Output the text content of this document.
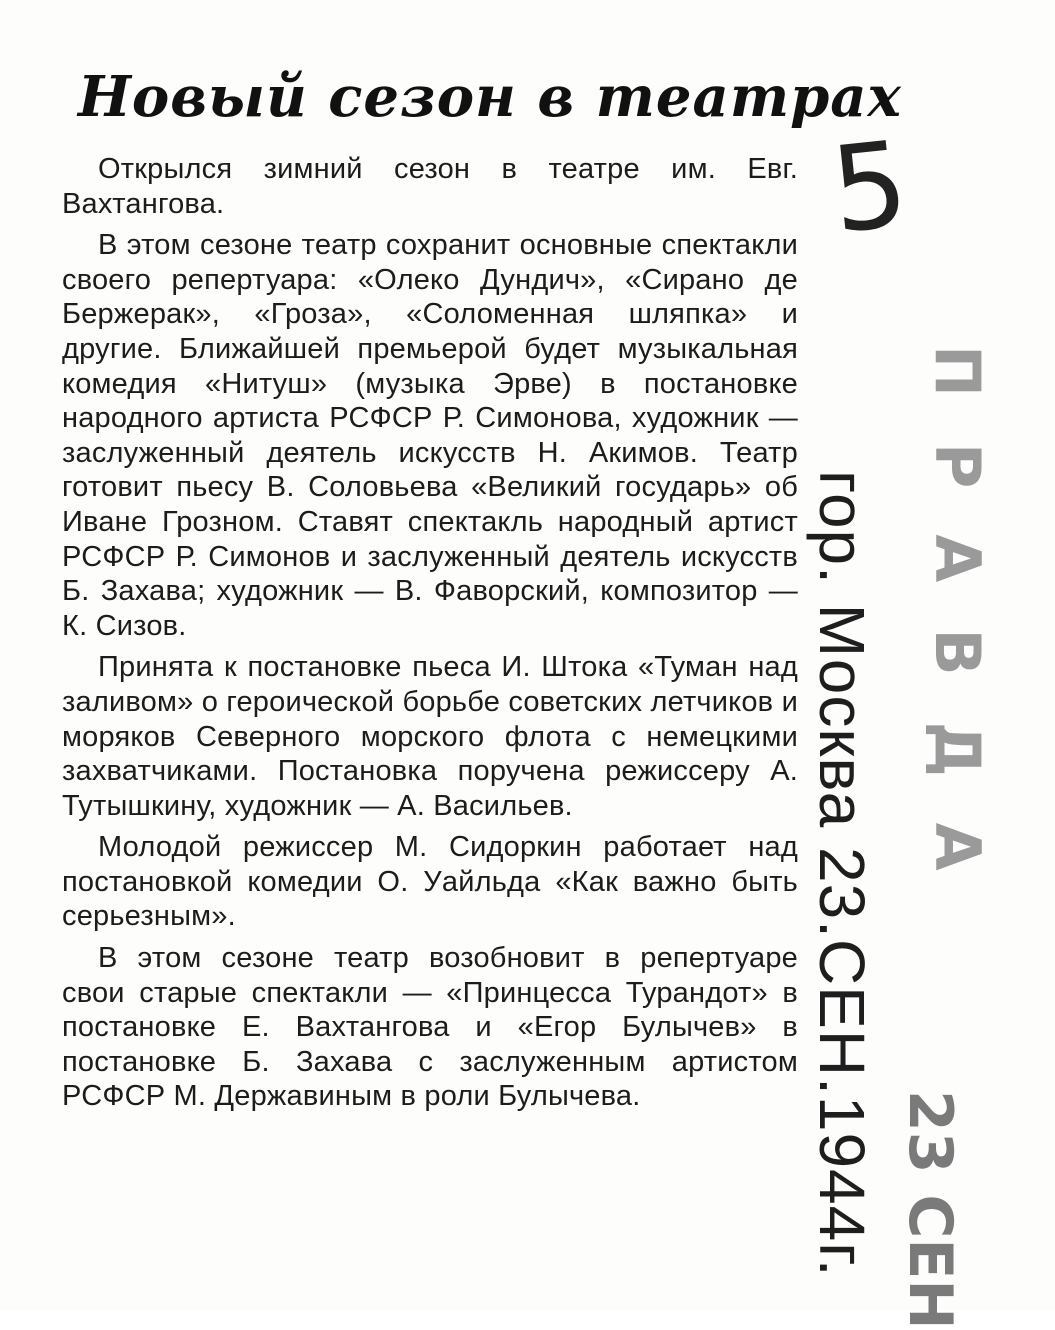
Новый сезон в театрах

Открылся зимний сезон в театре им. Евг. Вахтангова.

В этом сезоне театр сохранит основные спектакли своего репертуара: «Олеко Дундич», «Сирано де Бержерак», «Гроза», «Соломенная шляпка» и другие. Ближайшей премьерой будет музыкальная комедия «Нитуш» (музыка Эрве) в постановке народного артиста РСФСР Р. Симонова, художник — заслуженный деятель искусств Н. Акимов. Театр готовит пьесу В. Соловьева «Великий государь» об Иване Грозном. Ставят спектакль народный артист РСФСР Р. Симонов и заслуженный деятель искусств Б. Захава; художник — В. Фаворский, композитор — К. Сизов.

Принята к постановке пьеса И. Штока «Туман над заливом» о героической борьбе советских летчиков и моряков Северного морского флота с немецкими захватчиками. Постановка поручена режиссеру А. Тутышкину, художник — А. Васильев.

Молодой режиссер М. Сидоркин работает над постановкой комедии О. Уайльда «Как важно быть серьезным».

В этом сезоне театр возобновит в репертуаре свои старые спектакли — «Принцесса Турандот» в постановке Е. Вахтангова и «Егор Булычев» в постановке Б. Захава с заслуженным артистом РСФСР М. Державиным в роли Булычева.

5
гор. Москва 23.СЕН.1944г. ПРАВДА
23 СЕН
